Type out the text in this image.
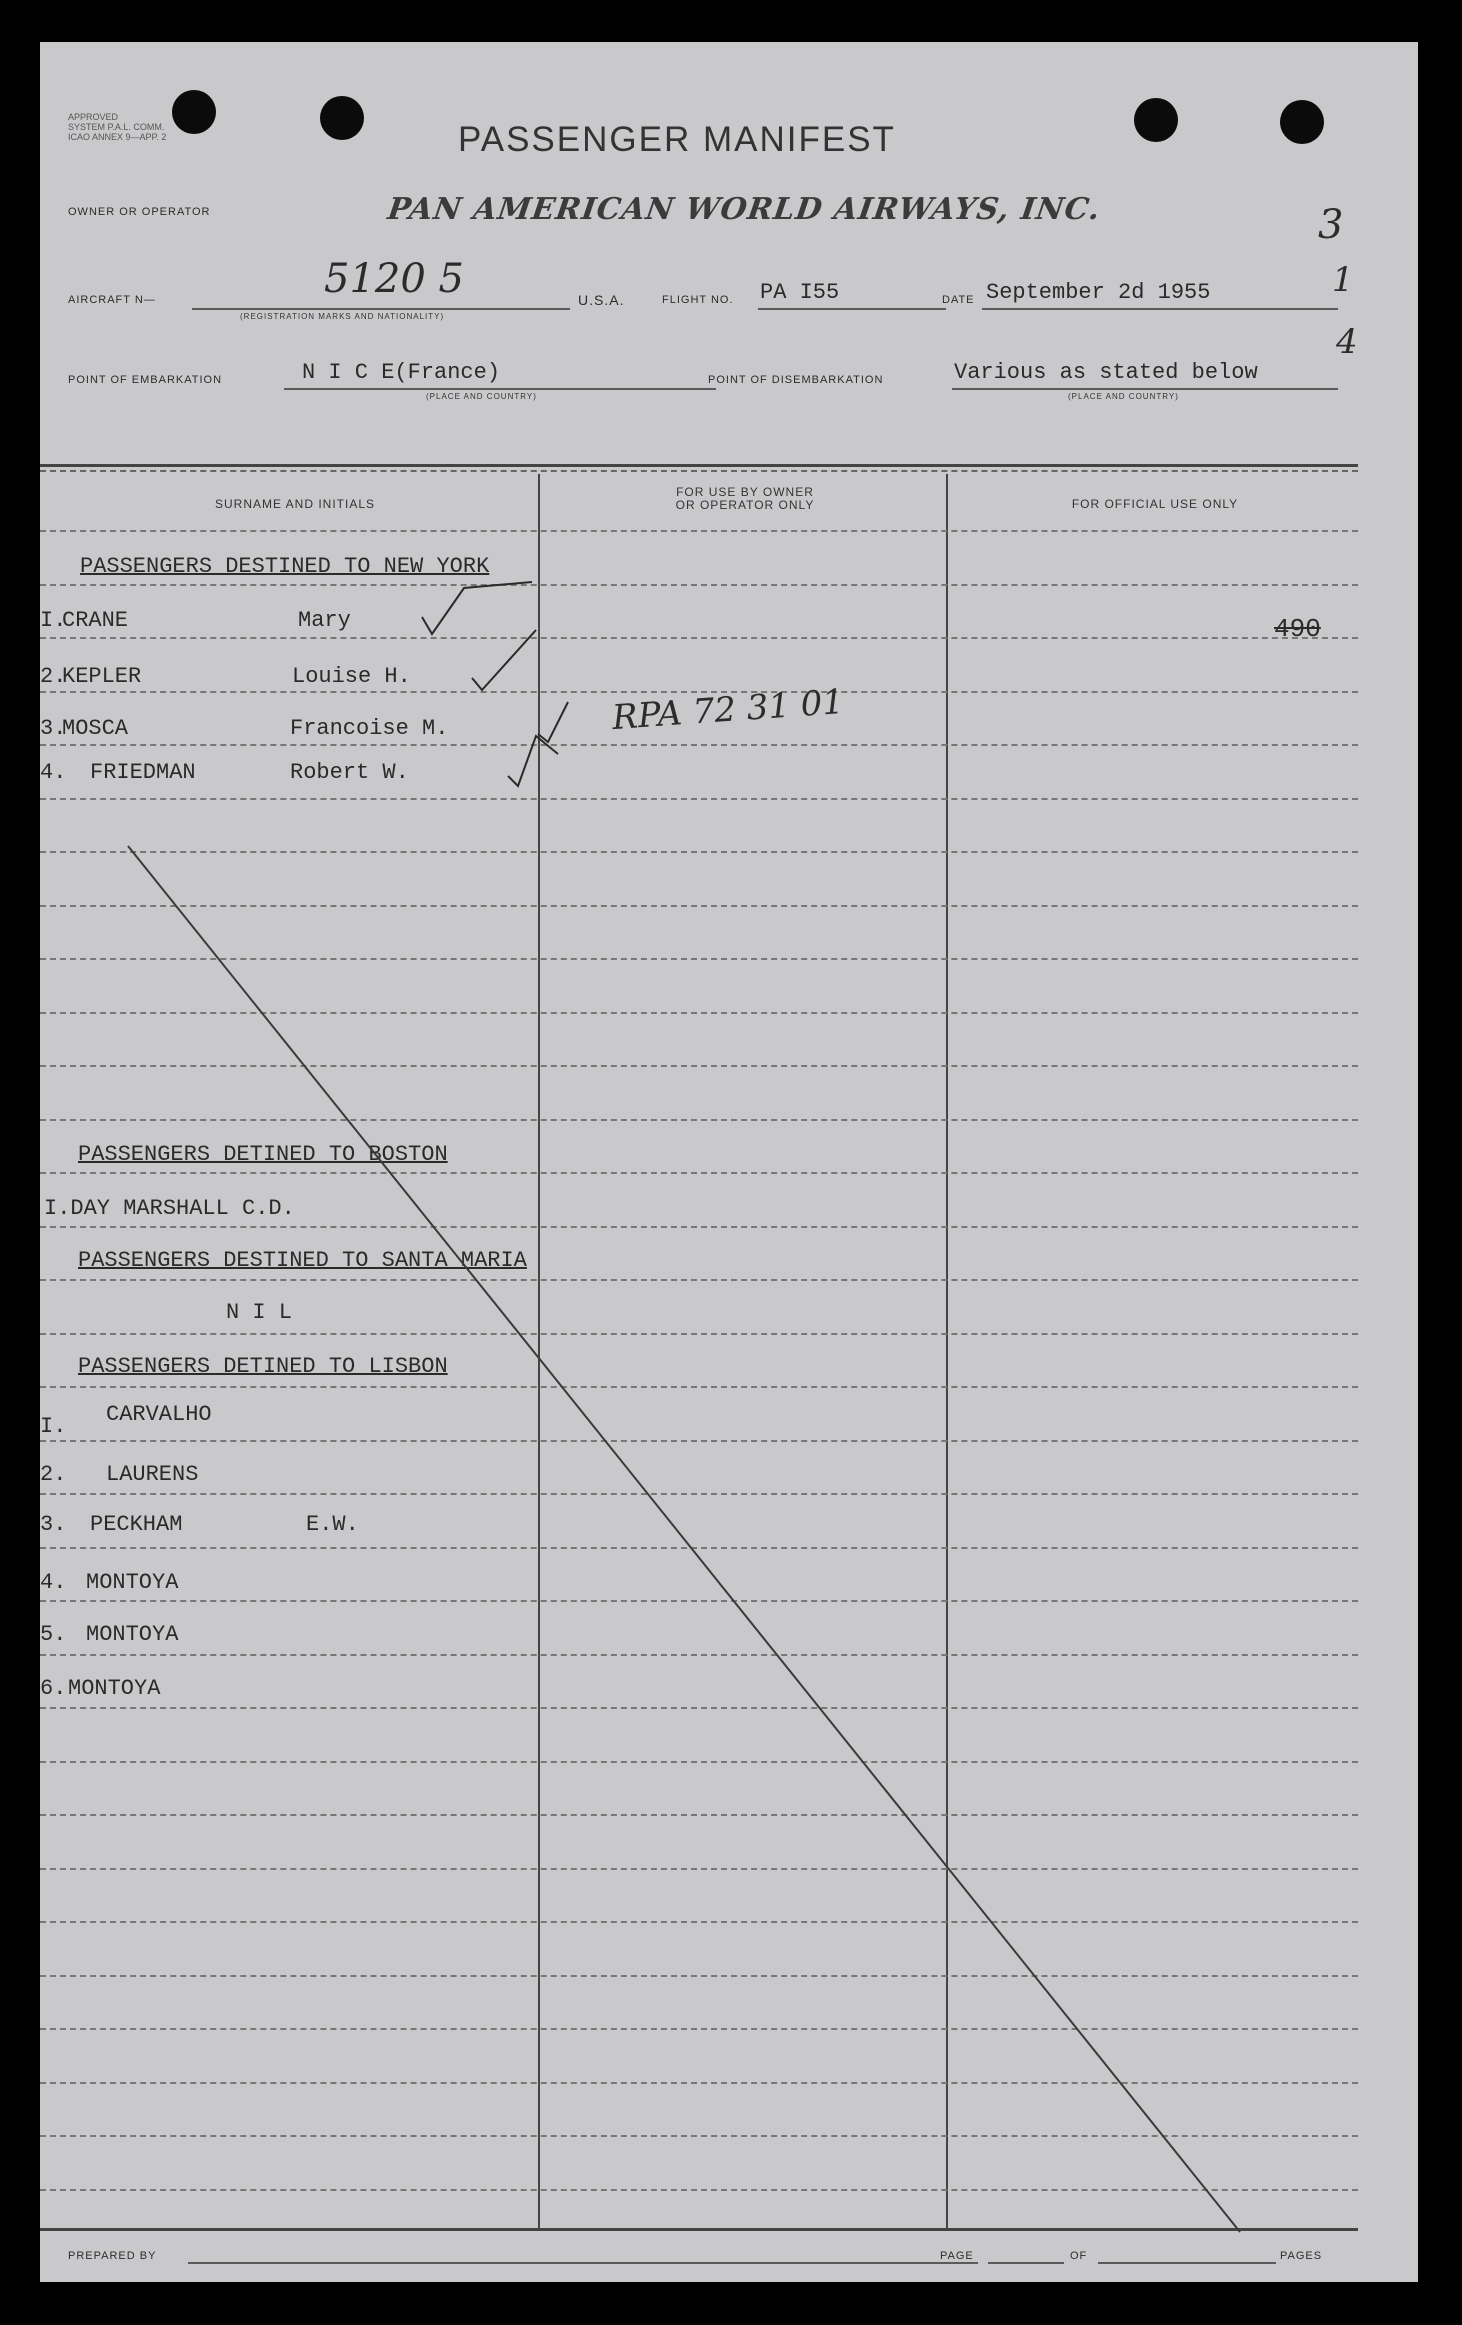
APPROVED
SYSTEM P.A.L. COMM.
ICAO ANNEX 9—APP. 2	PASSENGER MANIFEST
OWNER OR OPERATOR	PAN AMERICAN WORLD AIRWAYS, INC.	3
1
4
AIRCRAFT N—	5120 5
(REGISTRATION MARKS AND NATIONALITY)
U.S.A.	FLIGHT NO. PA I55	DATE September 2d 1955
POINT OF EMBARKATION	N I C E(France)
(PLACE AND COUNTRY)
POINT OF DISEMBARKATION	Various as stated below
(PLACE AND COUNTRY)
SURNAME AND INITIALS
FOR USE BY OWNER
OR OPERATOR ONLY	FOR OFFICIAL USE ONLY
PASSENGERS DESTINED TO NEW YORK
I.
CRANE	Mary
2.
KEPLER	Louise H.
3.
MOSCA	Francoise M.
4. FRIEDMAN	Robert W.
490
RPA 72 31 01
PASSENGERS DETINED TO BOSTON
I.DAY MARSHALL C.D.
PASSENGERS DESTINED TO SANTA MARIA
N I L
PASSENGERS DETINED TO LISBON
I. CARVALHO
2. LAURENS
3. PECKHAM	E.W.
4. MONTOYA
5. MONTOYA
6. MONTOYA
PREPARED BY	PAGE	OF	PAGES
